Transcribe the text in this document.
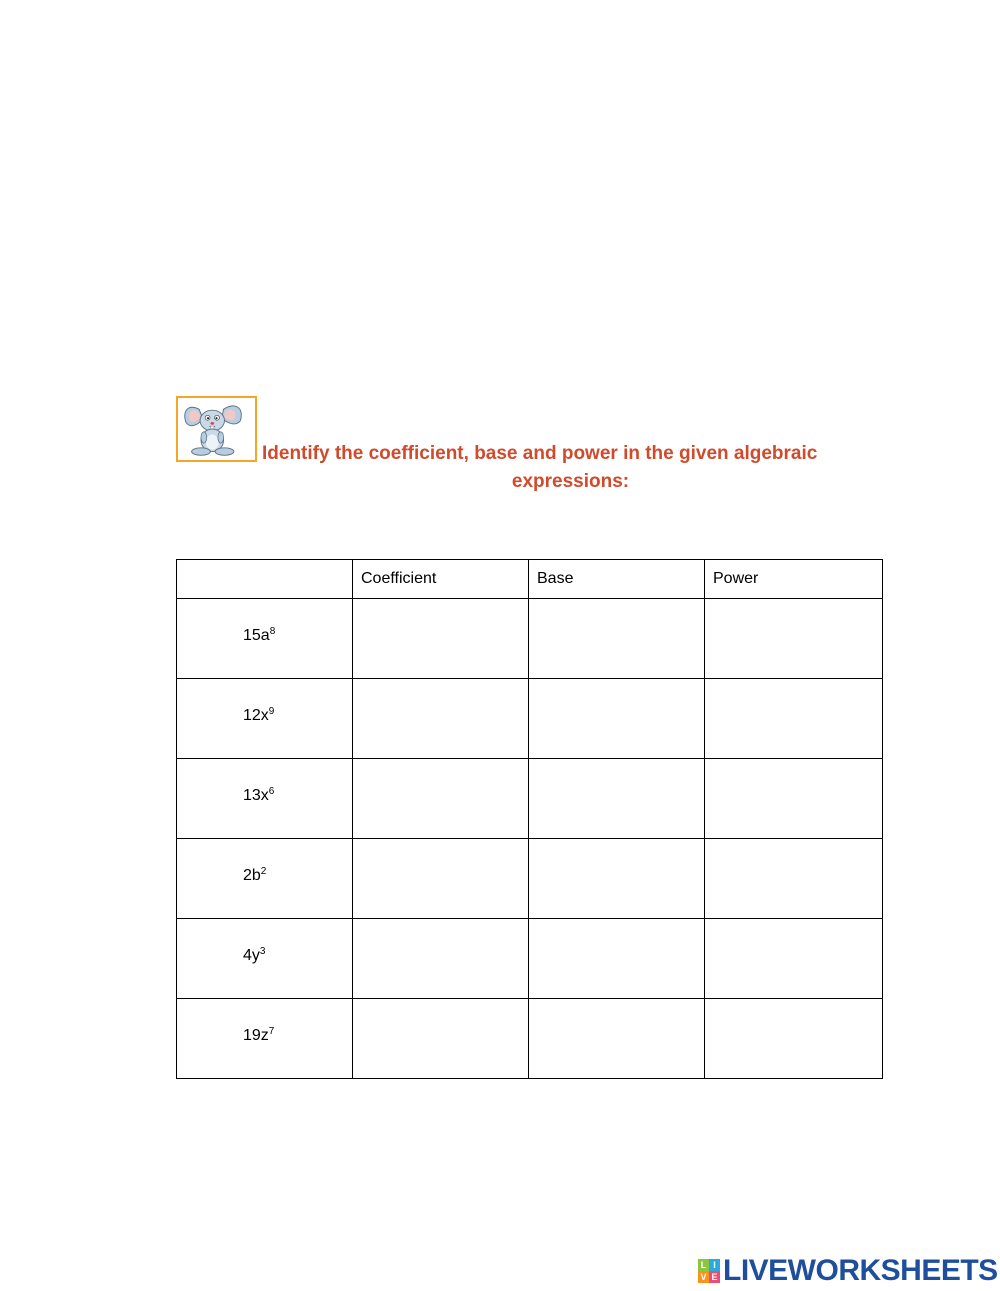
Identify the coefficient, base and power in the given algebraic
expressions:
	Coefficient	Base	Power
$15a^8$			
$12x^9$			
$13x^6$			
$2b^2$			
$4y^3$			
$19z^7$			
L I
V E LIVEWORKSHEETS
